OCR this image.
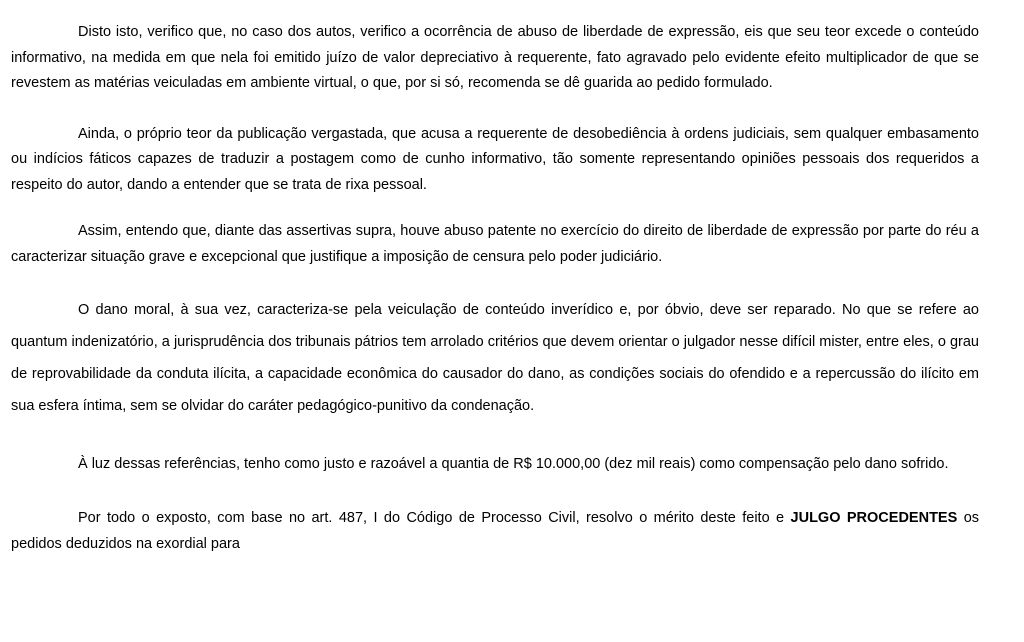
Disto isto, verifico que, no caso dos autos, verifico a ocorrência de abuso de liberdade de expressão, eis que seu teor excede o conteúdo informativo, na medida em que nela foi emitido juízo de valor depreciativo à requerente, fato agravado pelo evidente efeito multiplicador de que se revestem as matérias veiculadas em ambiente virtual, o que, por si só, recomenda se dê guarida ao pedido formulado.

Ainda, o próprio teor da publicação vergastada, que acusa a requerente de desobediência à ordens judiciais, sem qualquer embasamento ou indícios fáticos capazes de traduzir a postagem como de cunho informativo, tão somente representando opiniões pessoais dos requeridos a respeito do autor, dando a entender que se trata de rixa pessoal.

Assim, entendo que, diante das assertivas supra, houve abuso patente no exercício do direito de liberdade de expressão por parte do réu a caracterizar situação grave e excepcional que justifique a imposição de censura pelo poder judiciário.

O dano moral, à sua vez, caracteriza-se pela veiculação de conteúdo inverídico e, por óbvio, deve ser reparado. No que se refere ao quantum indenizatório, a jurisprudência dos tribunais pátrios tem arrolado critérios que devem orientar o julgador nesse difícil mister, entre eles, o grau de reprovabilidade da conduta ilícita, a capacidade econômica do causador do dano, as condições sociais do ofendido e a repercussão do ilícito em sua esfera íntima, sem se olvidar do caráter pedagógico-punitivo da condenação.

À luz dessas referências, tenho como justo e razoável a quantia de R$ 10.000,00 (dez mil reais) como compensação pelo dano sofrido.

Por todo o exposto, com base no art. 487, I do Código de Processo Civil, resolvo o mérito deste feito e JULGO PROCEDENTES os pedidos deduzidos na exordial para
